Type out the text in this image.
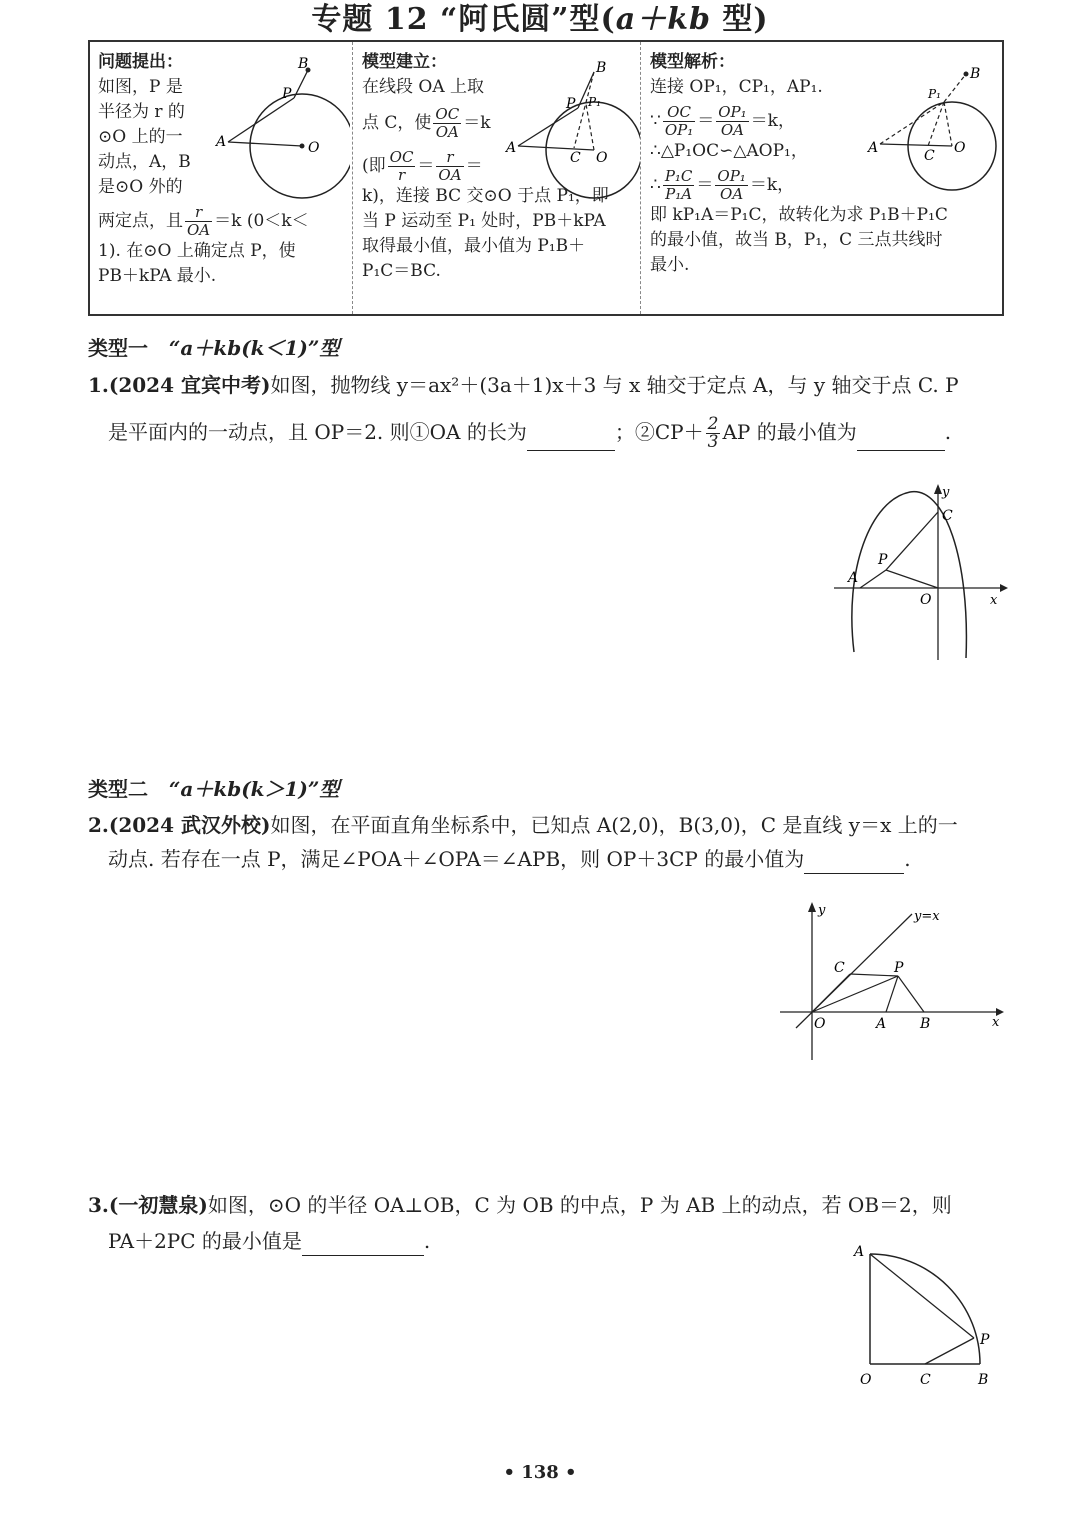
专题 12 “阿氏圆”型(a＋kb 型)
问题提出：
如图，P 是
半径为 r 的
⊙O 上的一
动点，A，B
是⊙O 外的
两定点，且 $\frac{r}{OA} =k$ (0＜k＜
1). 在⊙O 上确定点 P，使
PB＋kPA 最小.
A	O
P
B	模型建立：
在线段 OA 上取
点 C，使 $\frac{OC}{OA} =k$
(即 $\frac{OC}{r} = \frac{r}{OA}$ ＝
k)，连接 BC 交⊙O 于点 P₁，即
当 P 运动至 P₁ 处时，PB＋kPA
取得最小值，最小值为 P₁B＋
P₁C＝BC.
A
O
C
P P₁
B	模型解析：
连接 OP₁，CP₁，AP₁.
∵ $\frac{OC}{\text{OP₁}} = \frac{\text{OP₁}}{OA} =k$，
∴△P₁OC∽△AOP₁，
∴ $\frac{\text{P₁C}}{\text{P₁A}} = \frac{\text{OP₁}}{OA} =k$，
即 kP₁A＝P₁C，故转化为求 P₁B＋P₁C
的最小值，故当 B，P₁，C 三点共线时
最小.
A	O
C
P₁
B
类型一 “a＋kb(k＜1)”型
1.(2024 宜宾中考)如图，抛物线 y＝ax²＋(3a＋1)x＋3 与 x 轴交于定点 A，与 y 轴交于点 C. P
是平面内的一动点，且 OP＝2. 则①OA 的长为	；②CP＋ $\frac{2}{3}$ AP 的最小值为	.
A
P
C
O	x
y
类型二 “a＋kb(k＞1)”型
2.(2024 武汉外校)如图，在平面直角坐标系中，已知点 A(2,0)，B(3,0)，C 是直线 y＝x 上的一
动点. 若存在一点 P，满足∠POA＋∠OPA＝∠APB，则 OP＋3CP 的最小值为	.
C	P
O	A B	x
y	y=x
3.(一初慧泉)如图，⊙O 的半径 OA⊥OB，C 为 OB 的中点，P 为 AB 上的动点，若 OB＝2，则
PA＋2PC 的最小值是	.	A
P
O	C	B
• 138 •
